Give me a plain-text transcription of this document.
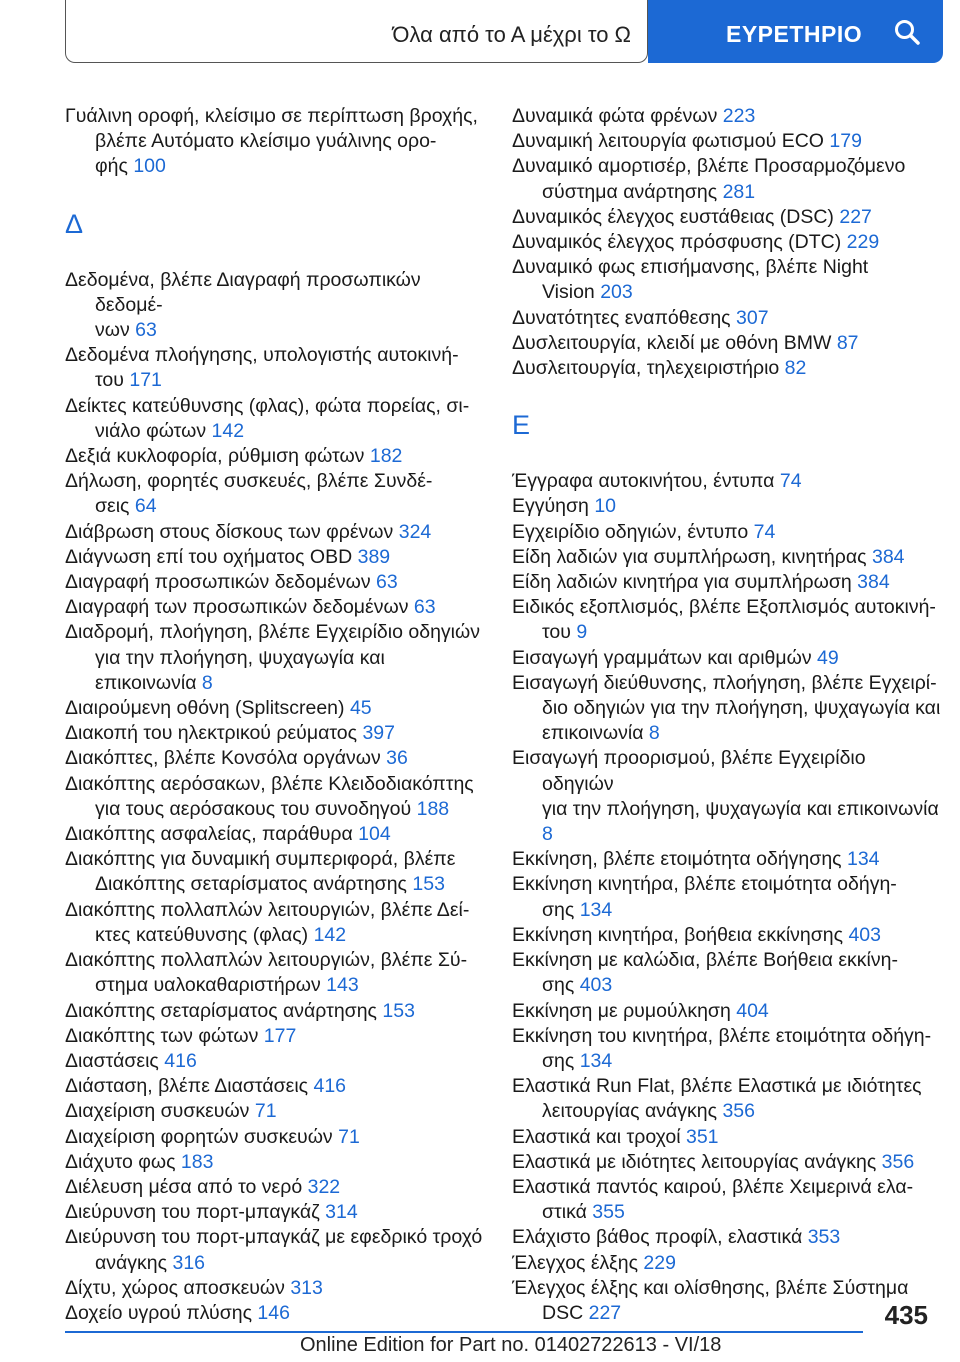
Όλα από το Α μέχρι το Ω	ΕΥΡΕΤΗΡΙΟ
Γυάλινη οροφή, κλείσιμο σε περίπτωση βροχής,
βλέπε Αυτόματο κλείσιμο γυάλινης ορο-
φής 100
Δ
Δεδομένα, βλέπε Διαγραφή προσωπικών δεδομέ-
νων 63
Δεδομένα πλοήγησης, υπολογιστής αυτοκινή-
του 171
Δείκτες κατεύθυνσης (φλας), φώτα πορείας, σι-
νιάλο φώτων 142
Δεξιά κυκλοφορία, ρύθμιση φώτων 182
Δήλωση, φορητές συσκευές, βλέπε Συνδέ-
σεις 64
Διάβρωση στους δίσκους των φρένων 324
Διάγνωση επί του οχήματος OBD 389
Διαγραφή προσωπικών δεδομένων 63
Διαγραφή των προσωπικών δεδομένων 63
Διαδρομή, πλοήγηση, βλέπε Εγχειρίδιο οδηγιών
για την πλοήγηση, ψυχαγωγία και επικοινωνία 8
Διαιρούμενη οθόνη (Splitscreen) 45
Διακοπή του ηλεκτρικού ρεύματος 397
Διακόπτες, βλέπε Κονσόλα οργάνων 36
Διακόπτης αερόσακων, βλέπε Κλειδοδιακόπτης
για τους αερόσακους του συνοδηγού 188
Διακόπτης ασφαλείας, παράθυρα 104
Διακόπτης για δυναμική συμπεριφορά, βλέπε
Διακόπτης σεταρίσματος ανάρτησης 153
Διακόπτης πολλαπλών λειτουργιών, βλέπε Δεί-
κτες κατεύθυνσης (φλας) 142
Διακόπτης πολλαπλών λειτουργιών, βλέπε Σύ-
στημα υαλοκαθαριστήρων 143
Διακόπτης σεταρίσματος ανάρτησης 153
Διακόπτης των φώτων 177
Διαστάσεις 416
Διάσταση, βλέπε Διαστάσεις 416
Διαχείριση συσκευών 71
Διαχείριση φορητών συσκευών 71
Διάχυτο φως 183
Διέλευση μέσα από το νερό 322
Διεύρυνση του πορτ-μπαγκάζ 314
Διεύρυνση του πορτ-μπαγκάζ με εφεδρικό τροχό
ανάγκης 316
Δίχτυ, χώρος αποσκευών 313
Δοχείο υγρού πλύσης 146
Δυναμικά φώτα φρένων 223
Δυναμική λειτουργία φωτισμού ECO 179
Δυναμικό αμορτισέρ, βλέπε Προσαρμοζόμενο
σύστημα ανάρτησης 281
Δυναμικός έλεγχος ευστάθειας (DSC) 227
Δυναμικός έλεγχος πρόσφυσης (DTC) 229
Δυναμικό φως επισήμανσης, βλέπε Night
Vision 203
Δυνατότητες εναπόθεσης 307
Δυσλειτουργία, κλειδί με οθόνη BMW 87
Δυσλειτουργία, τηλεχειριστήριο 82
Ε
Έγγραφα αυτοκινήτου, έντυπα 74
Εγγύηση 10
Εγχειρίδιο οδηγιών, έντυπο 74
Είδη λαδιών για συμπλήρωση, κινητήρας 384
Είδη λαδιών κινητήρα για συμπλήρωση 384
Ειδικός εξοπλισμός, βλέπε Εξοπλισμός αυτοκινή-
του 9
Εισαγωγή γραμμάτων και αριθμών 49
Εισαγωγή διεύθυνσης, πλοήγηση, βλέπε Εγχειρί-
διο οδηγιών για την πλοήγηση, ψυχαγωγία και
επικοινωνία 8
Εισαγωγή προορισμού, βλέπε Εγχειρίδιο οδηγιών
για την πλοήγηση, ψυχαγωγία και επικοινωνία 8
Εκκίνηση, βλέπε ετοιμότητα οδήγησης 134
Εκκίνηση κινητήρα, βλέπε ετοιμότητα οδήγη-
σης 134
Εκκίνηση κινητήρα, βοήθεια εκκίνησης 403
Εκκίνηση με καλώδια, βλέπε Βοήθεια εκκίνη-
σης 403
Εκκίνηση με ρυμούλκηση 404
Εκκίνηση του κινητήρα, βλέπε ετοιμότητα οδήγη-
σης 134
Ελαστικά Run Flat, βλέπε Ελαστικά με ιδιότητες
λειτουργίας ανάγκης 356
Ελαστικά και τροχοί 351
Ελαστικά με ιδιότητες λειτουργίας ανάγκης 356
Ελαστικά παντός καιρού, βλέπε Χειμερινά ελα-
στικά 355
Ελάχιστο βάθος προφίλ, ελαστικά 353
Έλεγχος έλξης 229
Έλεγχος έλξης και ολίσθησης, βλέπε Σύστημα
DSC 227	435
Online Edition for Part no. 01402722613 - VI/18
